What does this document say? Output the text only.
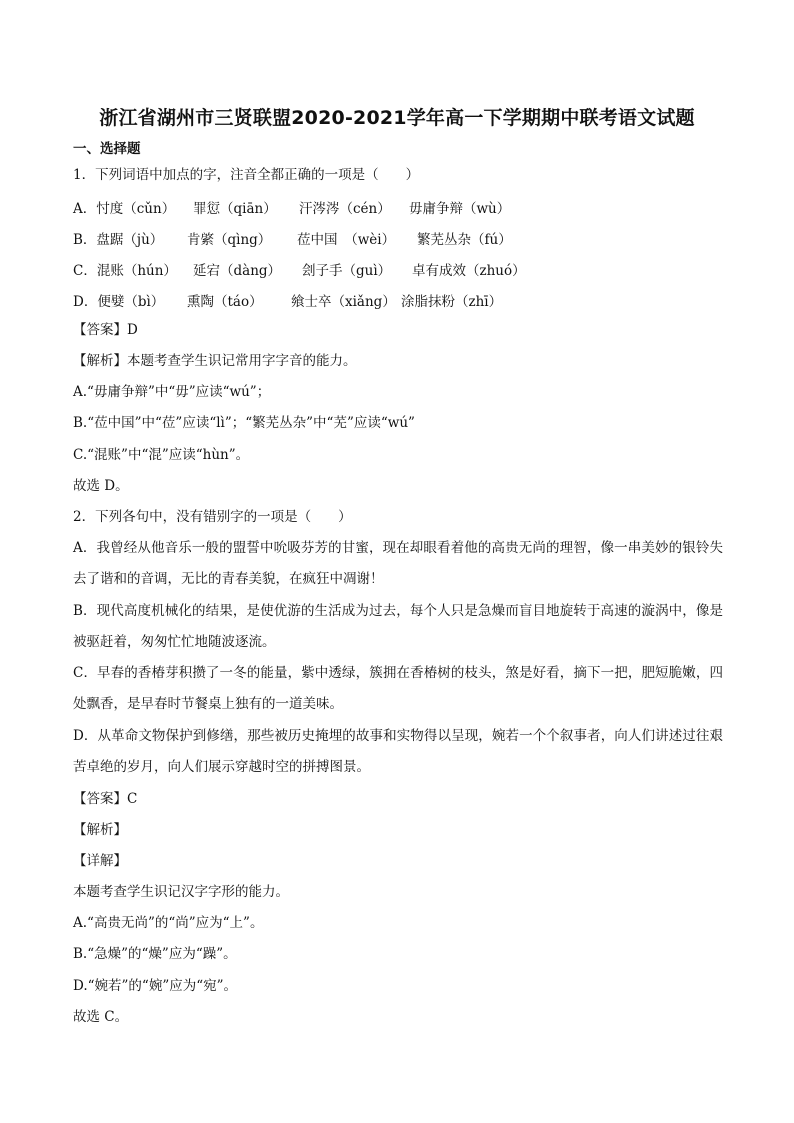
浙江省湖州市三贤联盟2020-2021学年高一下学期期中联考语文试题
一、选择题
1．下列词语中加点的字，注音全都正确的一项是（　　）
A．忖度（cǔn） 罪愆（qiān） 汗涔涔（cén） 毋庸争辩（wù）
B．盘踞（jù） 肯綮（qìng） 莅中国　（wèi） 繁芜丛杂（fú）
C．混账（hún） 延宕（dàng） 刽子手（guì） 卓有成效（zhuó）
D．便嬖（bì） 熏陶（táo） 飨士卒（xiǎng） 涂脂抹粉（zhī）
【答案】D
【解析】本题考查学生识记常用字字音的能力。
A.“毋庸争辩”中“毋”应读“wú”；
B.“莅中国”中“莅”应读“lì”；“繁芜丛杂”中“芜”应读“wú”
C.“混账”中“混”应读“hùn”。
故选 D。
2．下列各句中，没有错别字的一项是（　　）
A．我曾经从他音乐一般的盟誓中吮吸芬芳的甘蜜，现在却眼看着他的高贵无尚的理智，像一串美妙的银铃失去了谐和的音调，无比的青春美貌，在疯狂中凋谢！
B．现代高度机械化的结果，是使优游的生活成为过去，每个人只是急燥而盲目地旋转于高速的漩涡中，像是被驱赶着，匆匆忙忙地随波逐流。
C．早春的香椿芽积攒了一冬的能量，紫中透绿，簇拥在香椿树的枝头，煞是好看，摘下一把，肥短脆嫩，四处飘香，是早春时节餐桌上独有的一道美味。
D．从革命文物保护到修缮，那些被历史掩埋的故事和实物得以呈现，婉若一个个叙事者，向人们讲述过往艰苦卓绝的岁月，向人们展示穿越时空的拼搏图景。
【答案】C
【解析】
【详解】
本题考查学生识记汉字字形的能力。
A.“高贵无尚”的“尚”应为“上”。
B.“急燥”的“燥”应为“躁”。
D.“婉若”的“婉”应为“宛”。
故选 C。
